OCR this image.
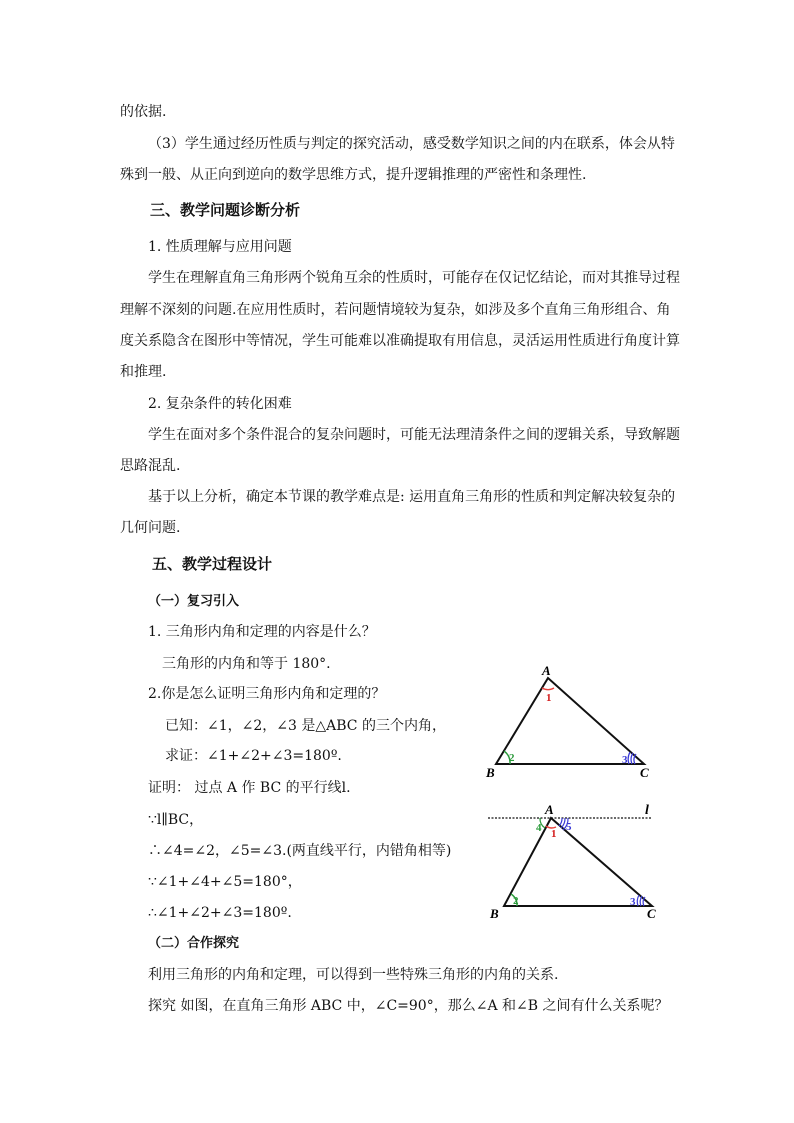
的依据.
（3）学生通过经历性质与判定的探究活动，感受数学知识之间的内在联系，体会从特
殊到一般、从正向到逆向的数学思维方式，提升逻辑推理的严密性和条理性.
三、教学问题诊断分析
1. 性质理解与应用问题
学生在理解直角三角形两个锐角互余的性质时，可能存在仅记忆结论，而对其推导过程
理解不深刻的问题.在应用性质时，若问题情境较为复杂，如涉及多个直角三角形组合、角
度关系隐含在图形中等情况，学生可能难以准确提取有用信息，灵活运用性质进行角度计算
和推理.
2. 复杂条件的转化困难
学生在面对多个条件混合的复杂问题时，可能无法理清条件之间的逻辑关系，导致解题
思路混乱.
基于以上分析，确定本节课的教学难点是: 运用直角三角形的性质和判定解决较复杂的
几何问题.
五、教学过程设计
（一）复习引入
1. 三角形内角和定理的内容是什么？
三角形的内角和等于 180°.
2.你是怎么证明三角形内角和定理的？
已知：∠1，∠2，∠3 是△ABC 的三个内角，
求证：∠1+∠2+∠3=180º.
证明： 过点 A 作 BC 的平行线l.
∵l∥BC，
∴∠4=∠2，∠5=∠3.(两直线平行，内错角相等)
∵∠1+∠4+∠5=180°，
∴∠1+∠2+∠3=180º.
（二）合作探究
利用三角形的内角和定理，可以得到一些特殊三角形的内角的关系.
探究 如图，在直角三角形 ABC 中，∠C=90°，那么∠A 和∠B 之间有什么关系呢？
A
B	C
1
2	3
A	l
B	C
1
2	3
4 5
